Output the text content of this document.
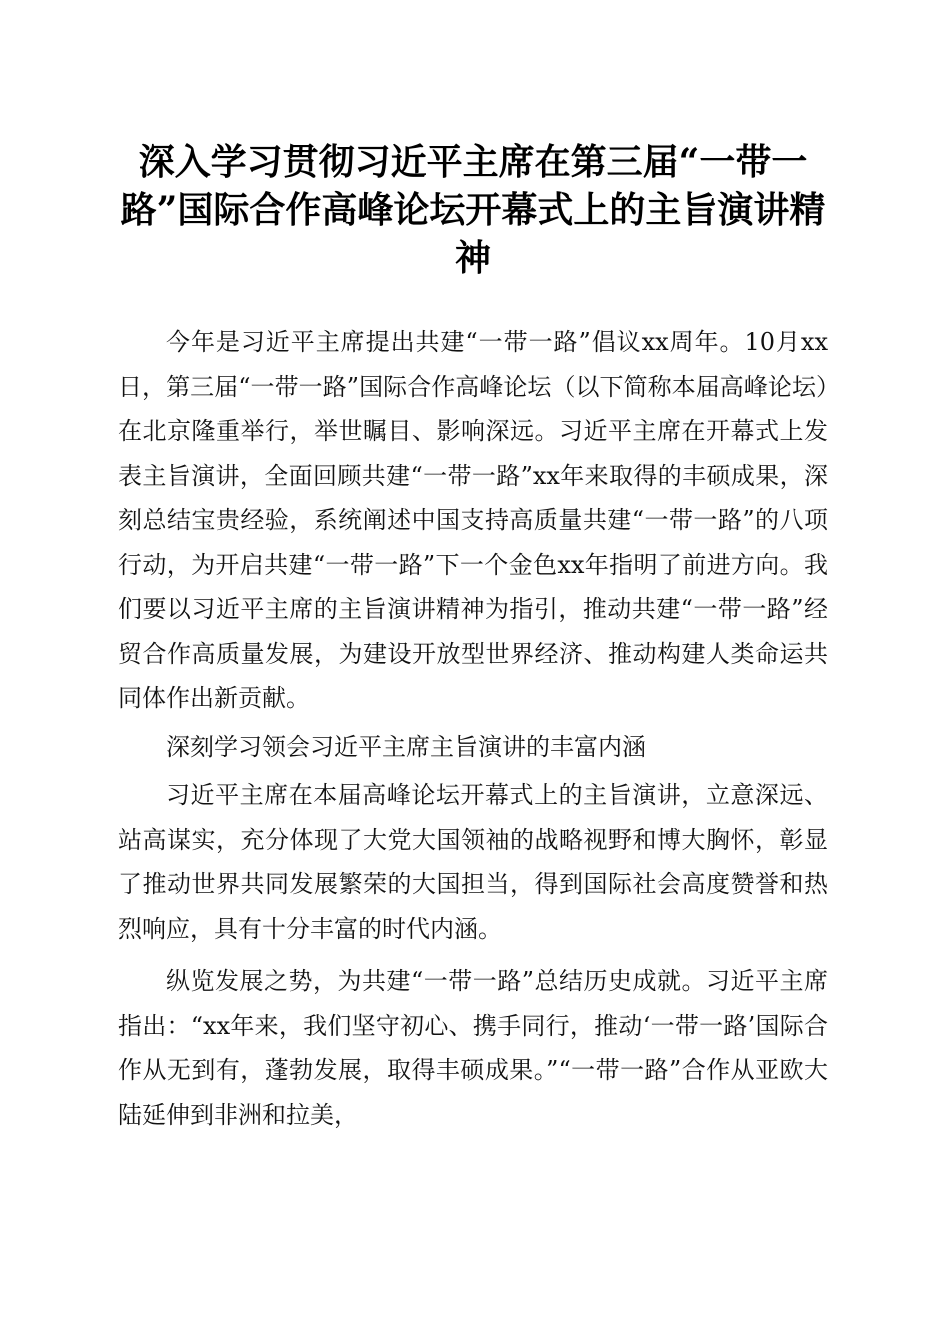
深入学习贯彻习近平主席在第三届“一带一路”国际合作高峰论坛开幕式上的主旨演讲精神

今年是习近平主席提出共建“一带一路”倡议xx周年。10月xx日，第三届“一带一路”国际合作高峰论坛（以下简称本届高峰论坛）在北京隆重举行，举世瞩目、影响深远。习近平主席在开幕式上发表主旨演讲，全面回顾共建“一带一路”xx年来取得的丰硕成果，深刻总结宝贵经验，系统阐述中国支持高质量共建“一带一路”的八项行动，为开启共建“一带一路”下一个金色xx年指明了前进方向。我们要以习近平主席的主旨演讲精神为指引，推动共建“一带一路”经贸合作高质量发展，为建设开放型世界经济、推动构建人类命运共同体作出新贡献。

深刻学习领会习近平主席主旨演讲的丰富内涵

习近平主席在本届高峰论坛开幕式上的主旨演讲，立意深远、站高谋实，充分体现了大党大国领袖的战略视野和博大胸怀，彰显了推动世界共同发展繁荣的大国担当，得到国际社会高度赞誉和热烈响应，具有十分丰富的时代内涵。

纵览发展之势，为共建“一带一路”总结历史成就。习近平主席指出：“xx年来，我们坚守初心、携手同行，推动‘一带一路’国际合作从无到有，蓬勃发展，取得丰硕成果。”“一带一路”合作从亚欧大陆延伸到非洲和拉美，
